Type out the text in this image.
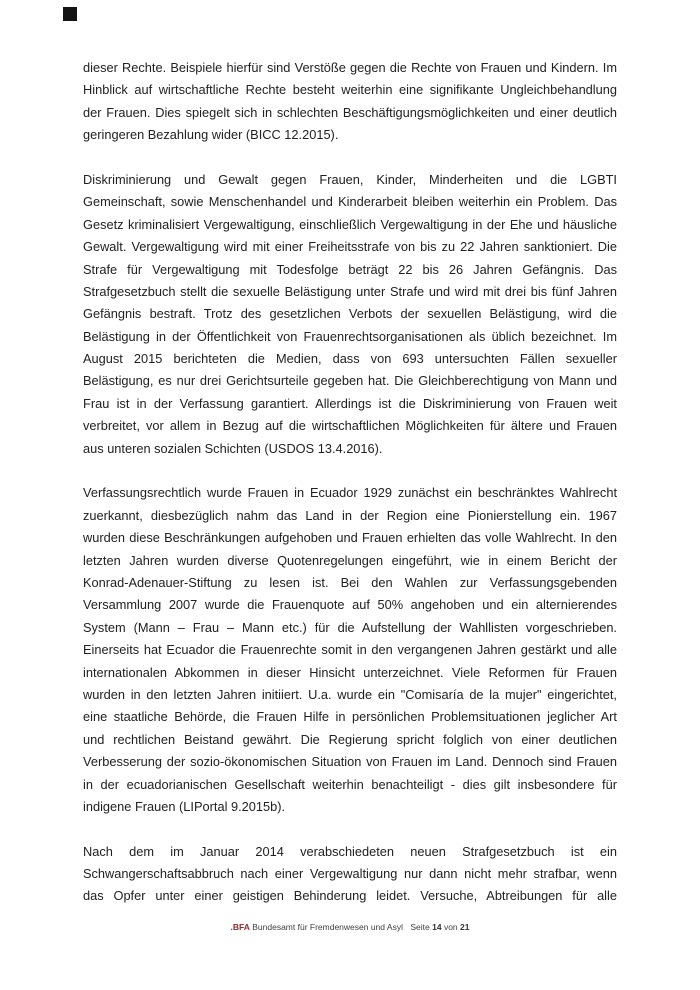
dieser Rechte. Beispiele hierfür sind Verstöße gegen die Rechte von Frauen und Kindern. Im
Hinblick auf wirtschaftliche Rechte besteht weiterhin eine signifikante Ungleichbehandlung
der Frauen. Dies spiegelt sich in schlechten Beschäftigungsmöglichkeiten und einer deutlich
geringeren Bezahlung wider (BICC 12.2015).
Diskriminierung und Gewalt gegen Frauen, Kinder, Minderheiten und die LGBTI
Gemeinschaft, sowie Menschenhandel und Kinderarbeit bleiben weiterhin ein Problem. Das
Gesetz kriminalisiert Vergewaltigung, einschließlich Vergewaltigung in der Ehe und häusliche
Gewalt. Vergewaltigung wird mit einer Freiheitsstrafe von bis zu 22 Jahren sanktioniert. Die
Strafe für Vergewaltigung mit Todesfolge beträgt 22 bis 26 Jahren Gefängnis. Das
Strafgesetzbuch stellt die sexuelle Belästigung unter Strafe und wird mit drei bis fünf Jahren
Gefängnis bestraft. Trotz des gesetzlichen Verbots der sexuellen Belästigung, wird die
Belästigung in der Öffentlichkeit von Frauenrechtsorganisationen als üblich bezeichnet. Im
August 2015 berichteten die Medien, dass von 693 untersuchten Fällen sexueller
Belästigung, es nur drei Gerichtsurteile gegeben hat. Die Gleichberechtigung von Mann und
Frau ist in der Verfassung garantiert. Allerdings ist die Diskriminierung von Frauen weit
verbreitet, vor allem in Bezug auf die wirtschaftlichen Möglichkeiten für ältere und Frauen
aus unteren sozialen Schichten (USDOS 13.4.2016).
Verfassungsrechtlich wurde Frauen in Ecuador 1929 zunächst ein beschränktes Wahlrecht
zuerkannt, diesbezüglich nahm das Land in der Region eine Pionierstellung ein. 1967
wurden diese Beschränkungen aufgehoben und Frauen erhielten das volle Wahlrecht. In den
letzten Jahren wurden diverse Quotenregelungen eingeführt, wie in einem Bericht der
Konrad-Adenauer-Stiftung zu lesen ist. Bei den Wahlen zur Verfassungsgebenden
Versammlung 2007 wurde die Frauenquote auf 50% angehoben und ein alternierendes
System (Mann – Frau – Mann etc.) für die Aufstellung der Wahllisten vorgeschrieben.
Einerseits hat Ecuador die Frauenrechte somit in den vergangenen Jahren gestärkt und alle
internationalen Abkommen in dieser Hinsicht unterzeichnet. Viele Reformen für Frauen
wurden in den letzten Jahren initiiert. U.a. wurde ein "Comisaría de la mujer" eingerichtet,
eine staatliche Behörde, die Frauen Hilfe in persönlichen Problemsituationen jeglicher Art
und rechtlichen Beistand gewährt. Die Regierung spricht folglich von einer deutlichen
Verbesserung der sozio-ökonomischen Situation von Frauen im Land. Dennoch sind Frauen
in der ecuadorianischen Gesellschaft weiterhin benachteiligt - dies gilt insbesondere für
indigene Frauen (LIPortal 9.2015b).
Nach dem im Januar 2014 verabschiedeten neuen Strafgesetzbuch ist ein
Schwangerschaftsabbruch nach einer Vergewaltigung nur dann nicht mehr strafbar, wenn
das Opfer unter einer geistigen Behinderung leidet. Versuche, Abtreibungen für alle
.BFA Bundesamt für Fremdenwesen und Asyl Seite 14 von 21
